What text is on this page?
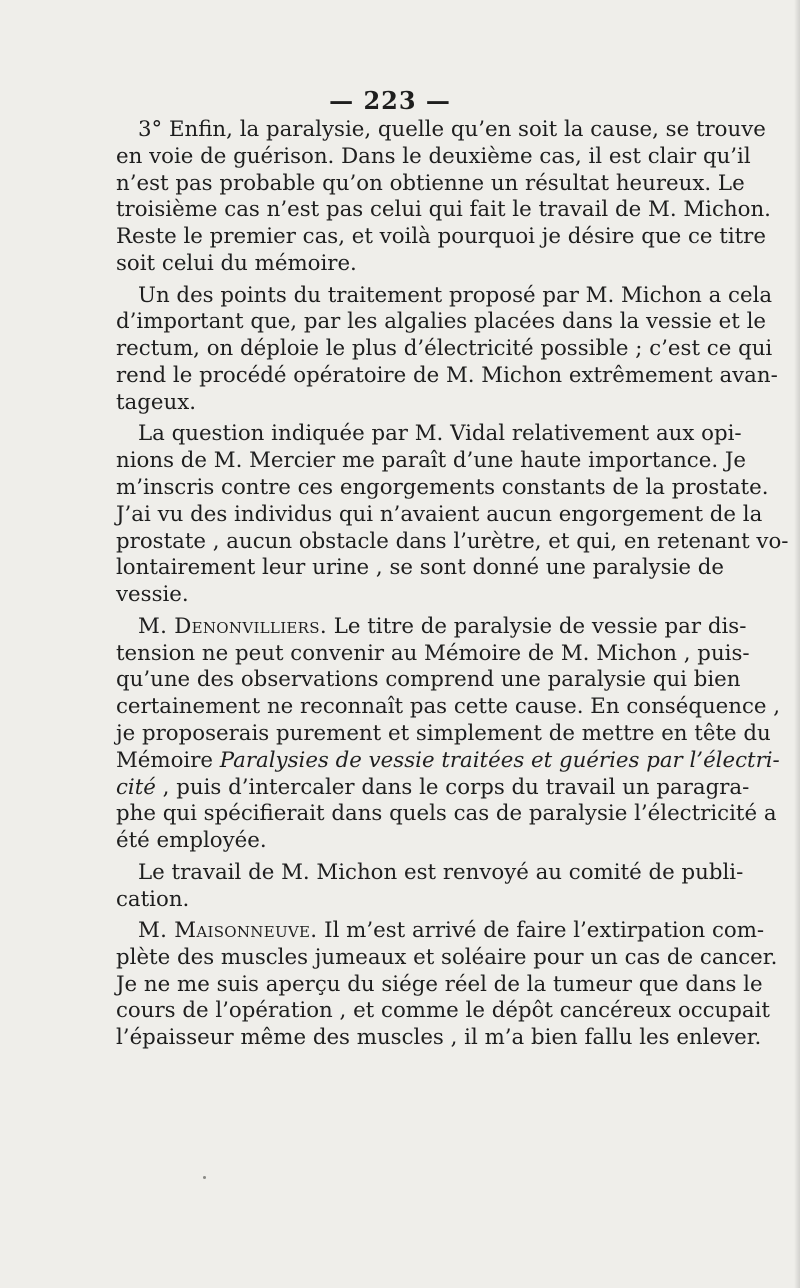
— 223 —

3° Enfin, la paralysie, quelle qu’en soit la cause, se trouve
en voie de guérison. Dans le deuxième cas, il est clair qu’il
n’est pas probable qu’on obtienne un résultat heureux. Le
troisième cas n’est pas celui qui fait le travail de M. Michon.
Reste le premier cas, et voilà pourquoi je désire que ce titre
soit celui du mémoire.
Un des points du traitement proposé par M. Michon a cela
d’important que, par les algalies placées dans la vessie et le
rectum, on déploie le plus d’électricité possible ; c’est ce qui
rend le procédé opératoire de M. Michon extrêmement avan-
tageux.
La question indiquée par M. Vidal relativement aux opi-
nions de M. Mercier me paraît d’une haute importance. Je
m’inscris contre ces engorgements constants de la prostate.
J’ai vu des individus qui n’avaient aucun engorgement de la
prostate , aucun obstacle dans l’urètre, et qui, en retenant vo-
lontairement leur urine , se sont donné une paralysie de
vessie.
M. Denonvilliers. Le titre de paralysie de vessie par dis-
tension ne peut convenir au Mémoire de M. Michon , puis-
qu’une des observations comprend une paralysie qui bien
certainement ne reconnaît pas cette cause. En conséquence ,
je proposerais purement et simplement de mettre en tête du
Mémoire Paralysies de vessie traitées et guéries par l’électri-
cité , puis d’intercaler dans le corps du travail un paragra-
phe qui spécifierait dans quels cas de paralysie l’électricité a
été employée.
Le travail de M. Michon est renvoyé au comité de publi-
cation.
M. Maisonneuve. Il m’est arrivé de faire l’extirpation com-
plète des muscles jumeaux et soléaire pour un cas de cancer.
Je ne me suis aperçu du siége réel de la tumeur que dans le
cours de l’opération , et comme le dépôt cancéreux occupait
l’épaisseur même des muscles , il m’a bien fallu les enlever.
